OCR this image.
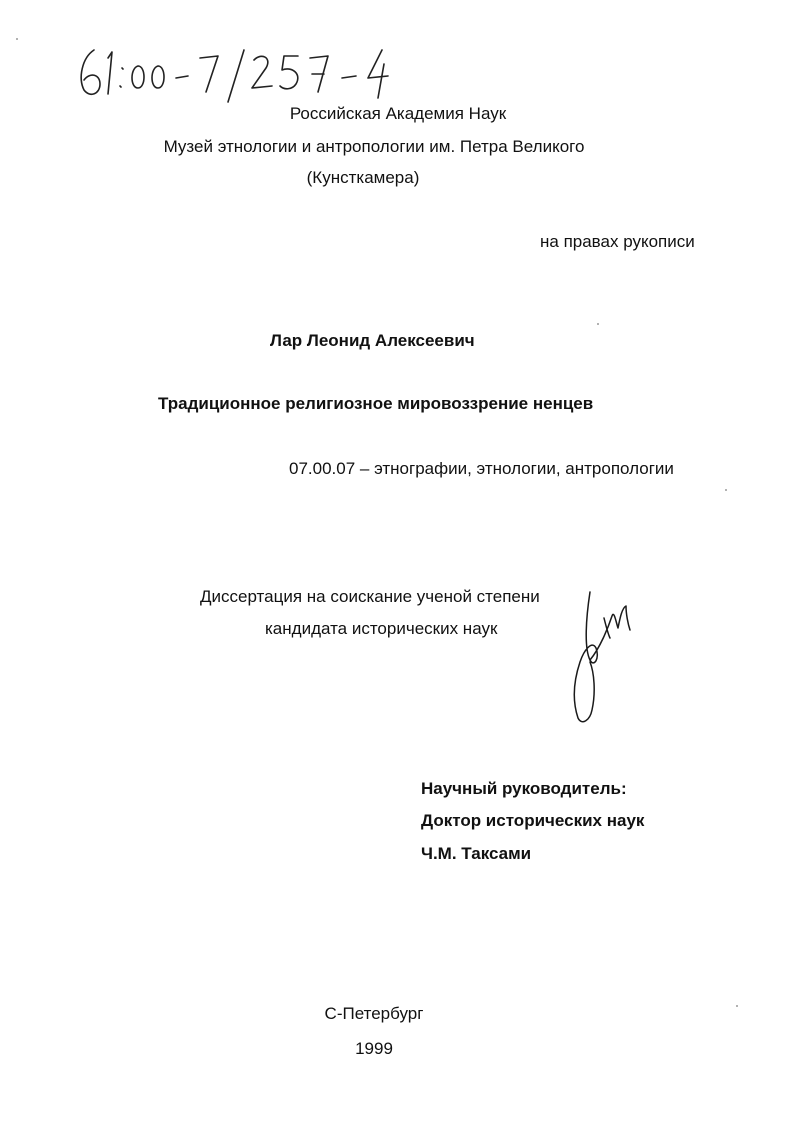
Российская Академия Наук
Музей этнологии и антропологии им. Петра Великого
(Кунсткамера)
на правах рукописи
Лар Леонид Алексеевич
Традиционное религиозное мировоззрение ненцев
07.00.07 – этнографии, этнологии, антропологии
Диссертация на соискание ученой степени
кандидата исторических наук
Научный руководитель:
Доктор исторических наук
Ч.М. Таксами
С-Петербург
1999
